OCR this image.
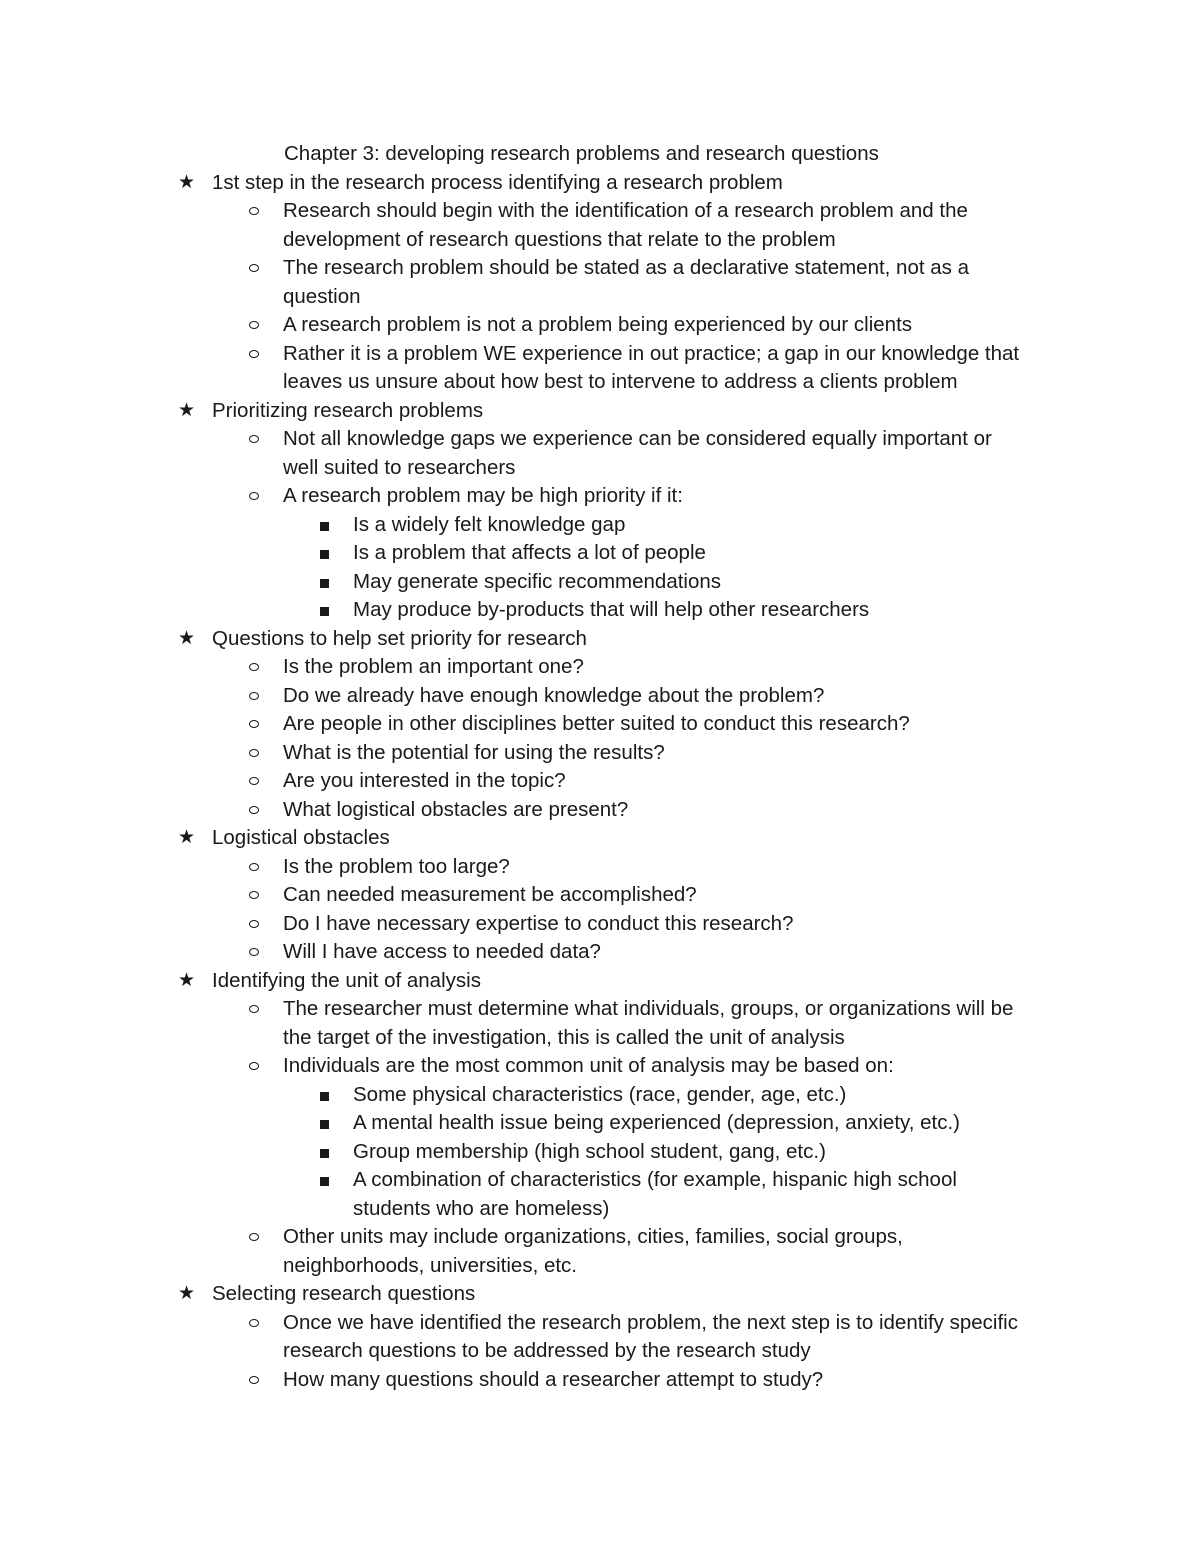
Chapter 3: developing research problems and research questions
★ 1st step in the research process identifying a research problem
Research should begin with the identification of a research problem and the
development of research questions that relate to the problem
The research problem should be stated as a declarative statement, not as a
question
A research problem is not a problem being experienced by our clients
Rather it is a problem WE experience in out practice; a gap in our knowledge that
leaves us unsure about how best to intervene to address a clients problem
★ Prioritizing research problems
Not all knowledge gaps we experience can be considered equally important or
well suited to researchers
A research problem may be high priority if it:
Is a widely felt knowledge gap
Is a problem that affects a lot of people
May generate specific recommendations
May produce by-products that will help other researchers
★ Questions to help set priority for research
Is the problem an important one?
Do we already have enough knowledge about the problem?
Are people in other disciplines better suited to conduct this research?
What is the potential for using the results?
Are you interested in the topic?
What logistical obstacles are present?
★ Logistical obstacles
Is the problem too large?
Can needed measurement be accomplished?
Do I have necessary expertise to conduct this research?
Will I have access to needed data?
★ Identifying the unit of analysis
The researcher must determine what individuals, groups, or organizations will be
the target of the investigation, this is called the unit of analysis
Individuals are the most common unit of analysis may be based on:
Some physical characteristics (race, gender, age, etc.)
A mental health issue being experienced (depression, anxiety, etc.)
Group membership (high school student, gang, etc.)
A combination of characteristics (for example, hispanic high school
students who are homeless)
Other units may include organizations, cities, families, social groups,
neighborhoods, universities, etc.
★ Selecting research questions
Once we have identified the research problem, the next step is to identify specific
research questions to be addressed by the research study
How many questions should a researcher attempt to study?
